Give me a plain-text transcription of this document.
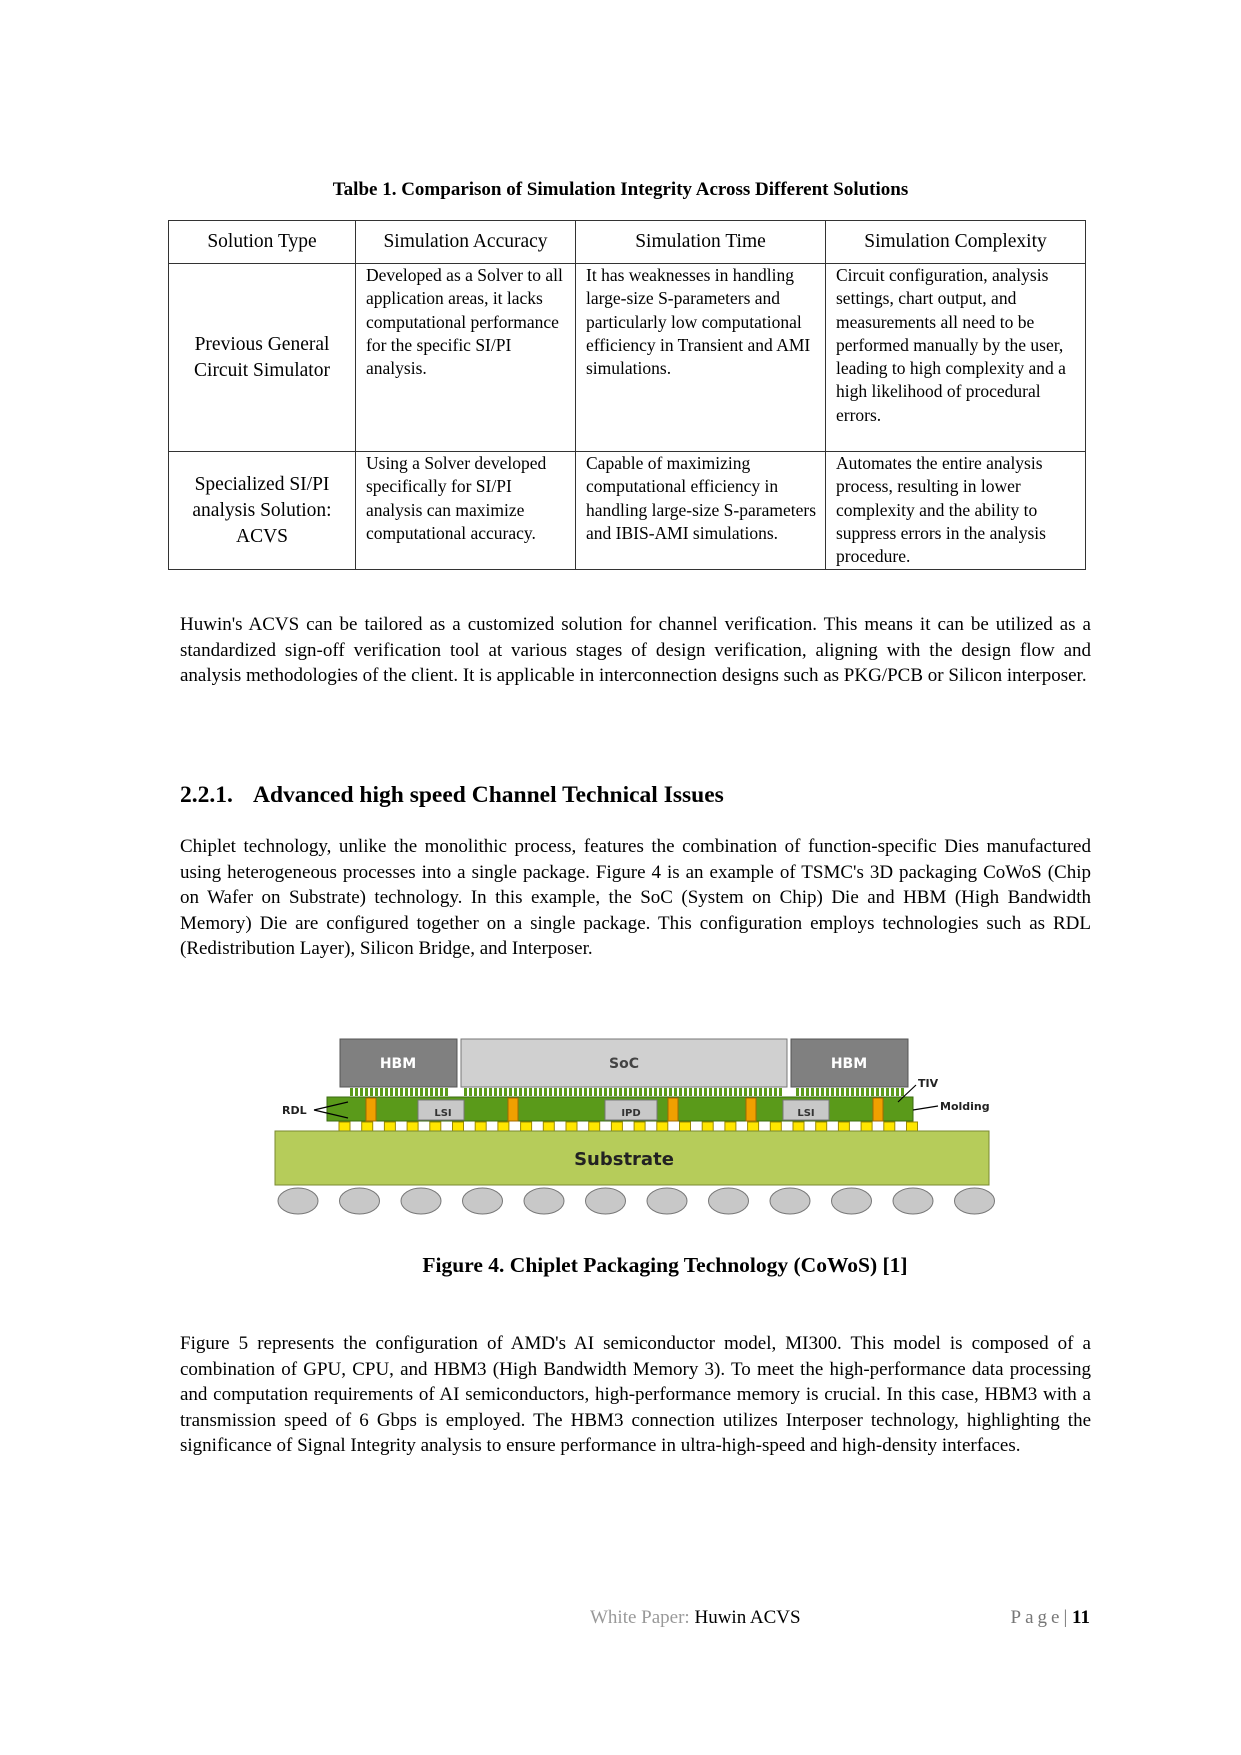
Talbe 1. Comparison of Simulation Integrity Across Different Solutions
Solution Type	Simulation Accuracy	Simulation Time	Simulation Complexity
Previous General Circuit Simulator	Developed as a Solver to all application areas, it lacks computational performance for the specific SI/PI analysis.	It has weaknesses in handling large-size S-parameters and particularly low computational efficiency in Transient and AMI simulations.	Circuit configuration, analysis settings, chart output, and measurements all need to be performed manually by the user, leading to high complexity and a high likelihood of procedural errors.
Specialized SI/PI analysis Solution: ACVS	Using a Solver developed specifically for SI/PI analysis can maximize computational accuracy.	Capable of maximizing computational efficiency in handling large-size S-parameters and IBIS-AMI simulations.	Automates the entire analysis process, resulting in lower complexity and the ability to suppress errors in the analysis procedure.
Huwin's ACVS can be tailored as a customized solution for channel verification. This means it can be utilized as a standardized sign-off verification tool at various stages of design verification, aligning with the design flow and analysis methodologies of the client. It is applicable in interconnection designs such as PKG/PCB or Silicon interposer.
2.2.1. Advanced high speed Channel Technical Issues
Chiplet technology, unlike the monolithic process, features the combination of function-specific Dies manufactured using heterogeneous processes into a single package. Figure 4 is an example of TSMC's 3D packaging CoWoS (Chip on Wafer on Substrate) technology. In this example, the SoC (System on Chip) Die and HBM (High Bandwidth Memory) Die are configured together on a single package. This configuration employs technologies such as RDL (Redistribution Layer), Silicon Bridge, and Interposer.
HBM	SoC	HBM
LSI	IPD	LSI
Substrate
RDL
TIV
Molding
Figure 4. Chiplet Packaging Technology (CoWoS) [1]
Figure 5 represents the configuration of AMD's AI semiconductor model, MI300. This model is composed of a combination of GPU, CPU, and HBM3 (High Bandwidth Memory 3). To meet the high-performance data processing and computation requirements of AI semiconductors, high-performance memory is crucial. In this case, HBM3 with a transmission speed of 6 Gbps is employed. The HBM3 connection utilizes Interposer technology, highlighting the significance of Signal Integrity analysis to ensure performance in ultra-high-speed and high-density interfaces.
White Paper: Huwin ACVS	Page| 11
